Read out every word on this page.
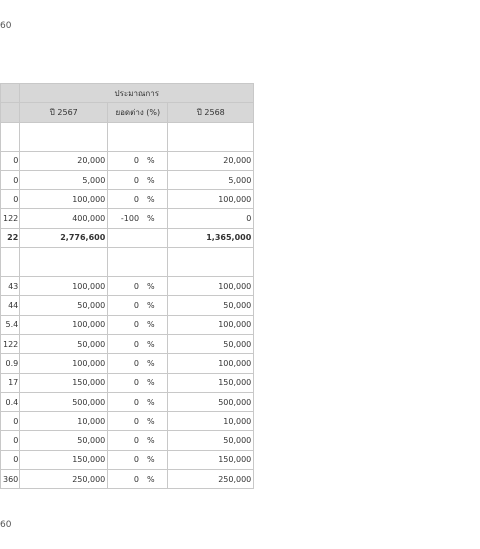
60
	ประมาณการ		
	ปี 2567	ยอดต่าง (%)	ปี 2568

0	20,000	0 %	20,000
0	5,000	0 %	5,000
0	100,000	0 %	100,000
122	400,000	-100 %	0
22	2,776,600		1,365,000

43	100,000	0 %	100,000
44	50,000	0 %	50,000
5.4	100,000	0 %	100,000
122	50,000	0 %	50,000
0.9	100,000	0 %	100,000
17	150,000	0 %	150,000
0.4	500,000	0 %	500,000
0	10,000	0 %	10,000
0	50,000	0 %	50,000
0	150,000	0 %	150,000
360	250,000	0 %	250,000
60
